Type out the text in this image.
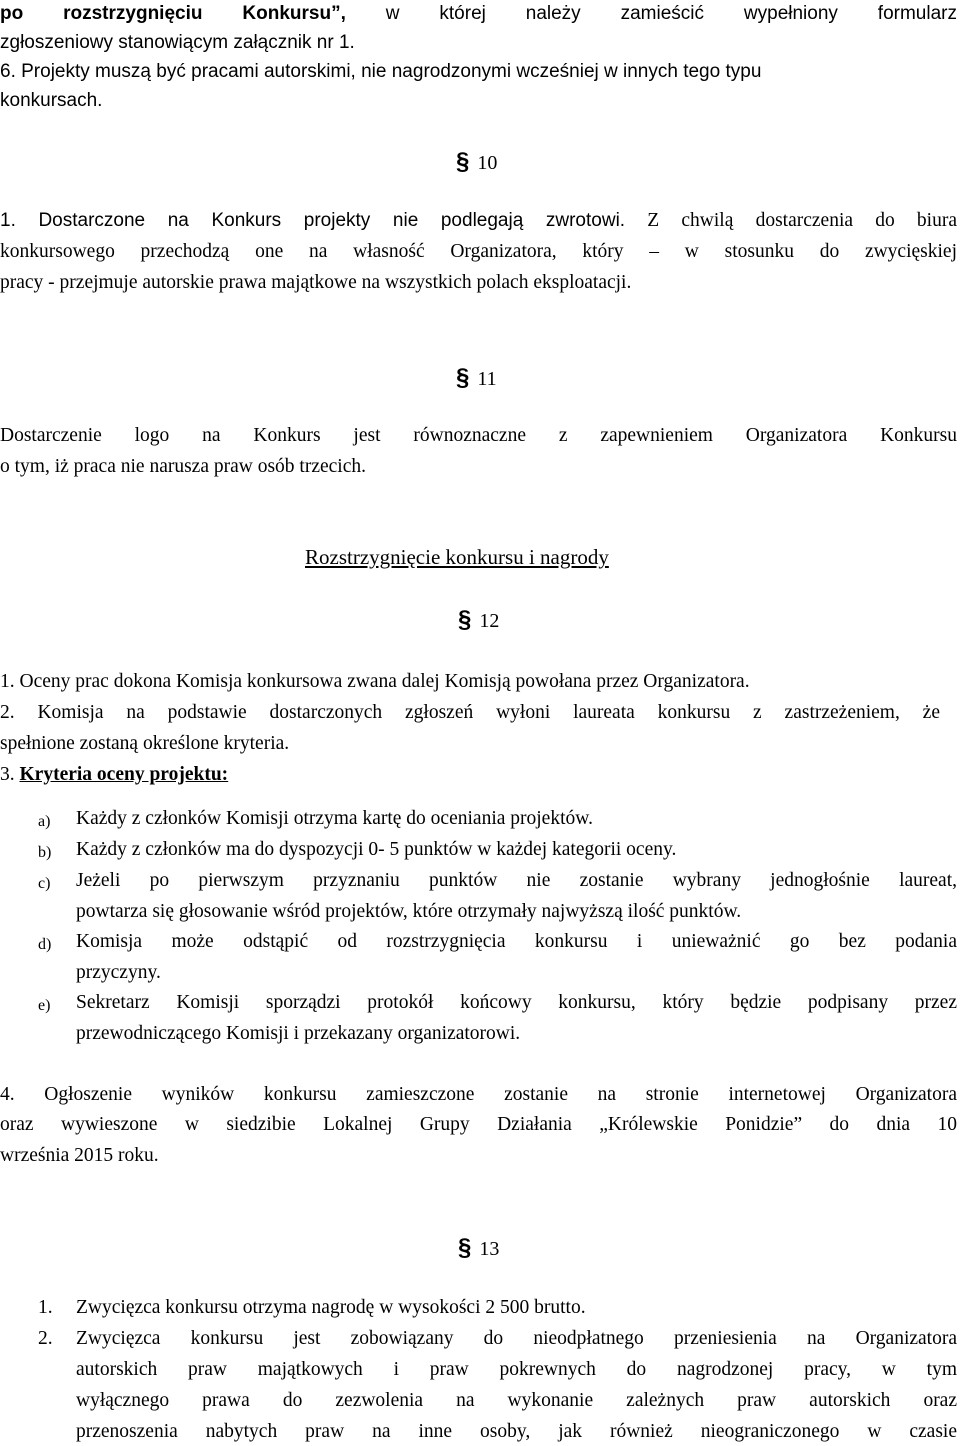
po rozstrzygnięciu Konkursu”, w której należy zamieścić wypełniony formularz
zgłoszeniowy stanowiącym załącznik nr 1.
6. Projekty muszą być pracami autorskimi, nie nagrodzonymi wcześniej w innych tego typu
konkursach.
§ 10
1. Dostarczone na Konkurs projekty nie podlegają zwrotowi. Z chwilą dostarczenia do biura
konkursowego przechodzą one na własność Organizatora, który – w stosunku do zwycięskiej
pracy - przejmuje autorskie prawa majątkowe na wszystkich polach eksploatacji.
§ 11
Dostarczenie logo na Konkurs jest równoznaczne z zapewnieniem Organizatora Konkursu
o tym, iż praca nie narusza praw osób trzecich.
Rozstrzygnięcie konkursu i nagrody
§ 12
1. Oceny prac dokona Komisja konkursowa zwana dalej Komisją powołana przez Organizatora.
2. Komisja na podstawie dostarczonych zgłoszeń wyłoni laureata konkursu z zastrzeżeniem, że
spełnione zostaną określone kryteria.
3. Kryteria oceny projektu:
a)	Każdy z członków Komisji otrzyma kartę do oceniania projektów.
b)	Każdy z członków ma do dyspozycji 0- 5 punktów w każdej kategorii oceny.
c)	Jeżeli po pierwszym przyznaniu punktów nie zostanie wybrany jednogłośnie laureat,
powtarza się głosowanie wśród projektów, które otrzymały najwyższą ilość punktów.
d)	Komisja może odstąpić od rozstrzygnięcia konkursu i unieważnić go bez podania
przyczyny.
e)	Sekretarz Komisji sporządzi protokół końcowy konkursu, który będzie podpisany przez
przewodniczącego Komisji i przekazany organizatorowi.
4. Ogłoszenie wyników konkursu zamieszczone zostanie na stronie internetowej Organizatora
oraz wywieszone w siedzibie Lokalnej Grupy Działania „Królewskie Ponidzie” do dnia 10
września 2015 roku.
§ 13
1. Zwycięzca konkursu otrzyma nagrodę w wysokości 2 500 brutto.
2. Zwycięzca konkursu jest zobowiązany do nieodpłatnego przeniesienia na Organizatora
autorskich praw majątkowych i praw pokrewnych do nagrodzonej pracy, w tym
wyłącznego prawa do zezwolenia na wykonanie zależnych praw autorskich oraz
przenoszenia nabytych praw na inne osoby, jak również nieograniczonego w czasie
